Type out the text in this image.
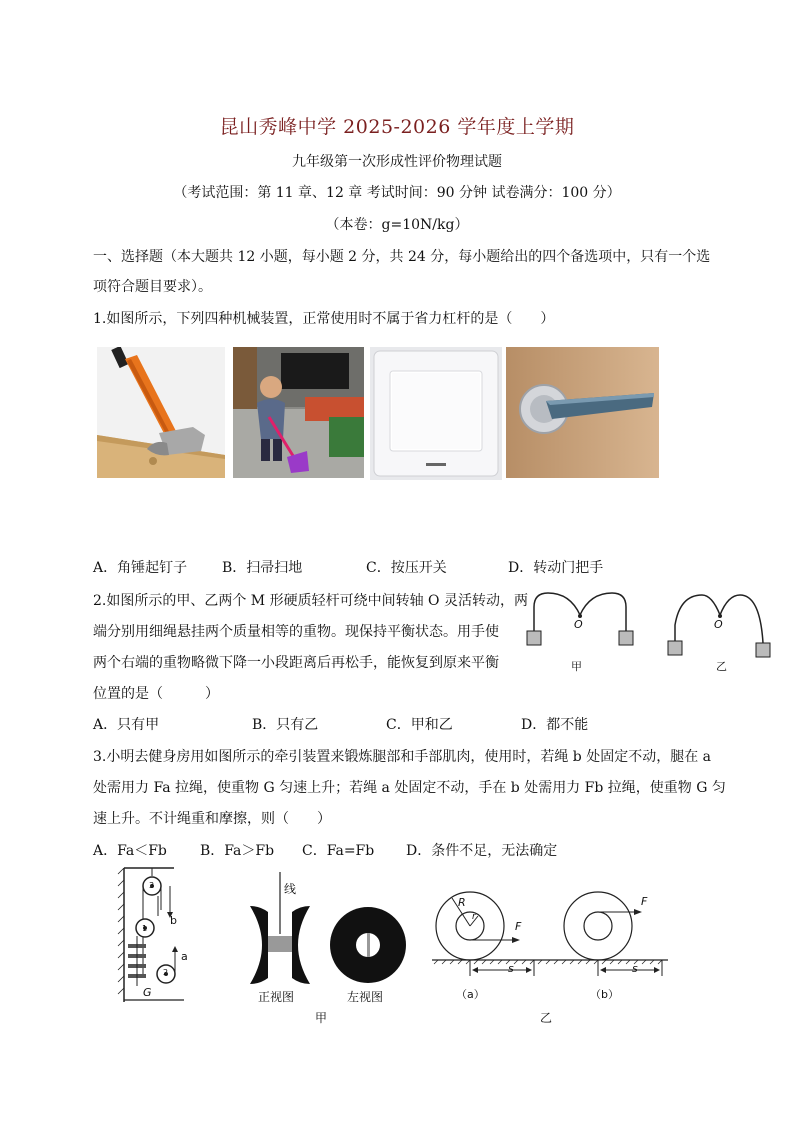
昆山秀峰中学 2025-2026 学年度上学期
九年级第一次形成性评价物理试题
（考试范围：第 11 章、12 章 考试时间：90 分钟 试卷满分：100 分）
（本卷：g=10N/kg）
一、选择题（本大题共 12 小题，每小题 2 分，共 24 分，每小题给出的四个备选项中，只有一个选
项符合题目要求）。
1.如图所示，下列四种机械装置，正常使用时不属于省力杠杆的是（　　）
A．角锤起钉子 B．扫帚扫地	C．按压开关	D．转动门把手
2.如图所示的甲、乙两个 M 形硬质轻杆可绕中间转轴 O 灵活转动，两
端分别用细绳悬挂两个质量相等的重物。现保持平衡状态。用手使
两个右端的重物略微下降一小段距离后再松手，能恢复到原来平衡
位置的是（　　　）
O	O
甲	乙
A．只有甲	B．只有乙	C．甲和乙	D．都不能
3.小明去健身房用如图所示的牵引装置来锻炼腿部和手部肌肉，使用时，若绳 b 处固定不动，腿在 a
处需用力 Fa 拉绳，使重物 G 匀速上升；若绳 a 处固定不动，手在 b 处需用力 Fb 拉绳，使重物 G 匀
速上升。不计绳重和摩擦，则（　　）
A．Fa＜Fb B．Fa＞Fb C．Fa=Fb D．条件不足，无法确定
b
a
G
3
1
2
线
正视图	左视图
甲
R
r
F
F
s	s
（a）	（b）
乙
